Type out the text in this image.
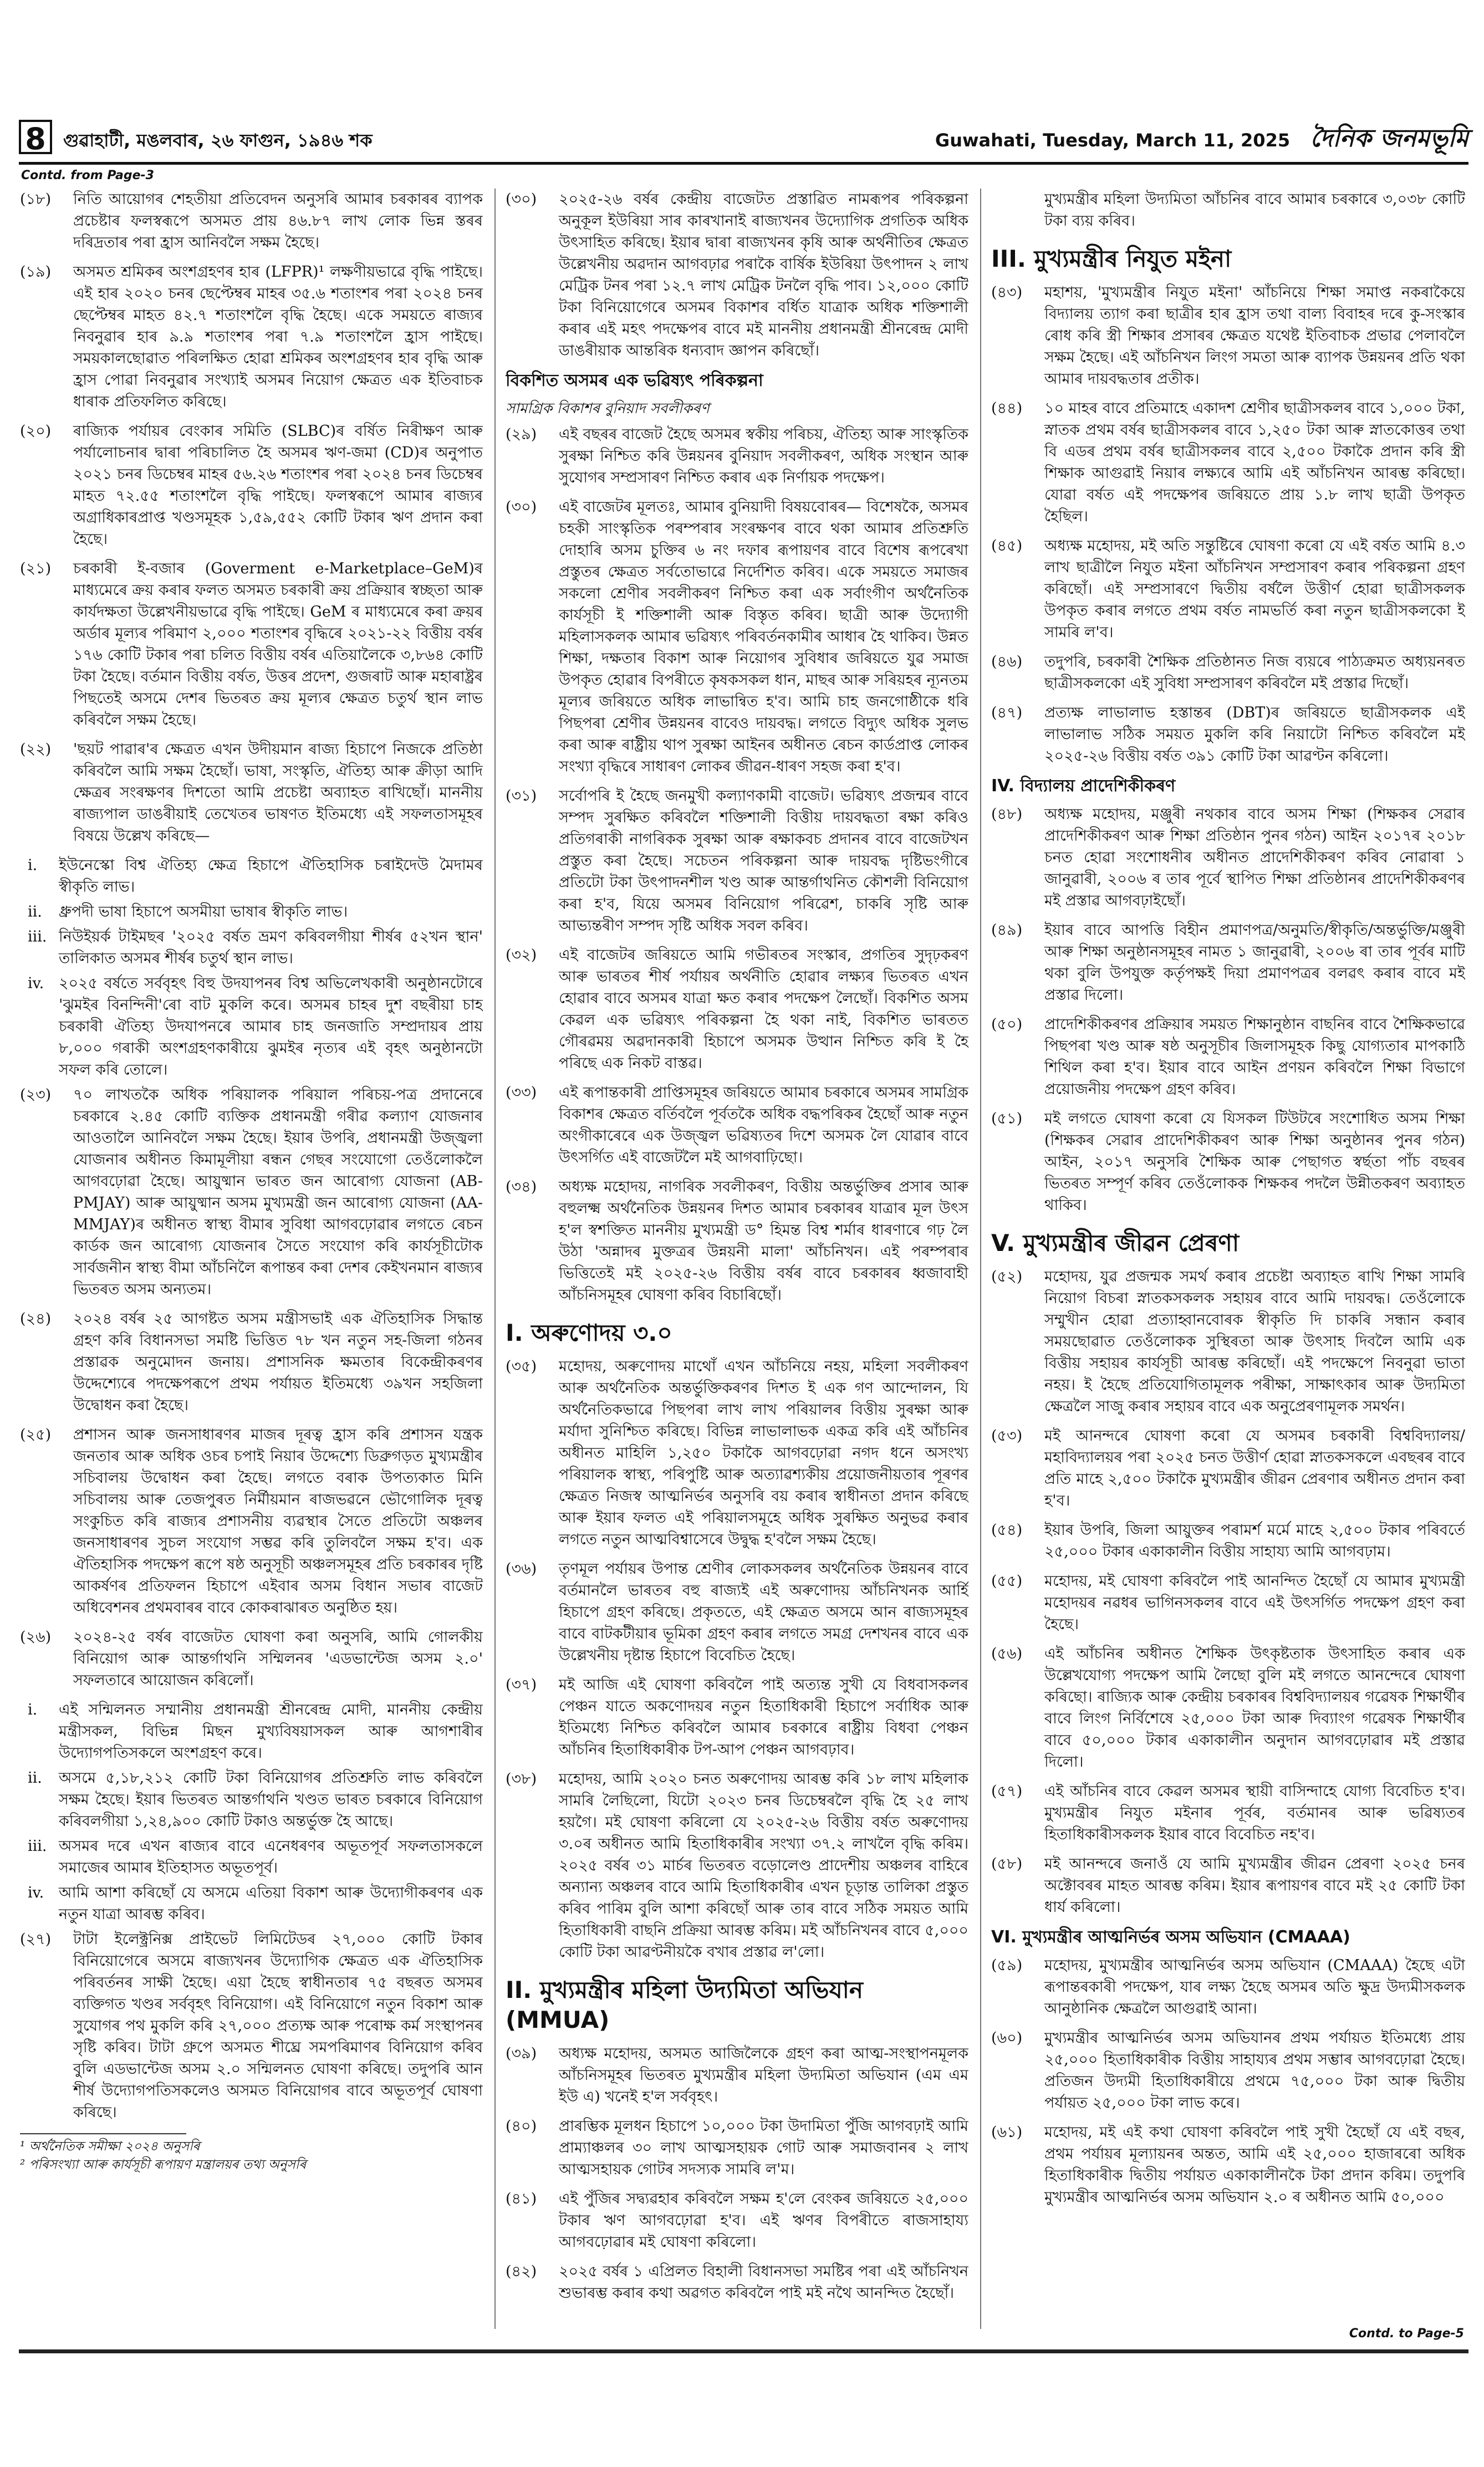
8 গুৱাহাটী, মঙলবাৰ, ২৬ ফাগুন, ১৯৪৬ শক	Guwahati, Tuesday, March 11, 2025 দৈনিক জনমভূমি
Contd. from Page-3
(১৮)	নিতি আয়োগৰ শেহতীয়া প্ৰতিবেদন অনুসৰি আমাৰ চৰকাৰৰ ব্যাপক প্ৰচেষ্টাৰ ফলস্বৰূপে অসমত প্ৰায় ৪৬.৮৭ লাখ লোক ভিন্ন স্তৰৰ দৰিদ্ৰতাৰ পৰা হ্ৰাস আনিবলৈ সক্ষম হৈছে।
(১৯)	অসমত শ্ৰমিকৰ অংশগ্ৰহণৰ হাৰ (LFPR)¹ লক্ষণীয়ভাৱে বৃদ্ধি পাইছে। এই হাৰ ২০২০ চনৰ ছেপ্টেম্বৰ মাহৰ ৩৫.৬ শতাংশৰ পৰা ২০২৪ চনৰ ছেপ্টেম্বৰ মাহত ৪২.৭ শতাংশলৈ বৃদ্ধি হৈছে। একে সময়তে ৰাজ্যৰ নিবনুৱাৰ হাৰ ৯.৯ শতাংশৰ পৰা ৭.৯ শতাংশলৈ হ্ৰাস পাইছে। সময়কালছোৱাত পৰিলক্ষিত হোৱা শ্ৰমিকৰ অংশগ্ৰহণৰ হাৰ বৃদ্ধি আৰু হ্ৰাস পোৱা নিবনুৱাৰ সংখ্যাই অসমৰ নিয়োগ ক্ষেত্ৰত এক ইতিবাচক ধাৰাক প্ৰতিফলিত কৰিছে।
(২০)	ৰাজ্যিক পৰ্যায়ৰ বেংকাৰ সমিতি (SLBC)ৰ বৰ্ষিত নিৰীক্ষণ আৰু পৰ্যালোচনাৰ দ্বাৰা পৰিচালিত হৈ অসমৰ ঋণ-জমা (CD)ৰ অনুপাত ২০২১ চনৰ ডিচেম্বৰ মাহৰ ৫৬.২৬ শতাংশৰ পৰা ২০২৪ চনৰ ডিচেম্বৰ মাহত ৭২.৫৫ শতাংশলৈ বৃদ্ধি পাইছে। ফলস্বৰূপে আমাৰ ৰাজ্যৰ অগ্ৰাধিকাৰপ্ৰাপ্ত খণ্ডসমূহক ১,৫৯,৫৫২ কোটি টকাৰ ঋণ প্ৰদান কৰা হৈছে।
(২১)	চৰকাৰী ই-বজাৰ (Goverment e-Marketplace–GeM)ৰ মাধ্যমেৰে ক্ৰয় কৰাৰ ফলত অসমত চৰকাৰী ক্ৰয় প্ৰক্ৰিয়াৰ স্বচ্ছতা আৰু কাৰ্যদক্ষতা উল্লেখনীয়ভাৱে বৃদ্ধি পাইছে। GeM ৰ মাধ্যমেৰে কৰা ক্ৰয়ৰ অৰ্ডাৰ মূল্যৰ পৰিমাণ ২,০০০ শতাংশৰ বৃদ্ধিৰে ২০২১-২২ বিত্তীয় বৰ্ষৰ ১৭৬ কোটি টকাৰ পৰা চলিত বিত্তীয় বৰ্ষৰ এতিয়ালৈকে ৩,৮৬৪ কোটি টকা হৈছে। বৰ্তমান বিত্তীয় বৰ্ষত, উত্তৰ প্ৰদেশ, গুজৰাট আৰু মহাৰাষ্ট্ৰৰ পিছতেই অসমে দেশৰ ভিতৰত ক্ৰয় মূল্যৰ ক্ষেত্ৰত চতুৰ্থ স্থান লাভ কৰিবলৈ সক্ষম হৈছে।
(২২)	'ছয়ট পাৱাৰ'ৰ ক্ষেত্ৰত এখন উদীয়মান ৰাজ্য হিচাপে নিজকে প্ৰতিষ্ঠা কৰিবলৈ আমি সক্ষম হৈছোঁ। ভাষা, সংস্কৃতি, ঐতিহ্য আৰু ক্ৰীড়া আদি ক্ষেত্ৰৰ সংৰক্ষণৰ দিশতো আমি প্ৰচেষ্টা অব্যাহত ৰাখিছোঁ। মাননীয় ৰাজ্যপাল ডাঙৰীয়াই তেখেতৰ ভাষণত ইতিমধ্যে এই সফলতাসমূহৰ বিষয়ে উল্লেখ কৰিছে—
i.	ইউনেস্কো বিশ্ব ঐতিহ্য ক্ষেত্ৰ হিচাপে ঐতিহাসিক চৰাইদেউ মৈদামৰ স্বীকৃতি লাভ।
ii.	ধ্ৰুপদী ভাষা হিচাপে অসমীয়া ভাষাৰ স্বীকৃতি লাভ।
iii. নিউইয়ৰ্ক টাইমছৰ '২০২৫ বৰ্ষত ভ্ৰমণ কৰিবলগীয়া শীৰ্ষৰ ৫২খন স্থান' তালিকাত অসমৰ শীৰ্ষৰ চতুৰ্থ স্থান লাভ।
iv. ২০২৫ বৰ্ষতে সৰ্ববৃহৎ বিহু উদযাপনৰ বিশ্ব অভিলেখকাৰী অনুষ্ঠানটোৰে 'ঝুমইৰ বিনন্দিনী'ৰো বাট মুকলি কৰে। অসমৰ চাহৰ দুশ বছৰীয়া চাহ চৰকাৰী ঐতিহ্য উদযাপনৰে আমাৰ চাহ জনজাতি সম্প্ৰদায়ৰ প্ৰায় ৮,০০০ গৰাকী অংশগ্ৰহণকাৰীয়ে ঝুমইৰ নৃত্যৰ এই বৃহৎ অনুষ্ঠানটো সফল কৰি তোলে।
(২৩)	৭০ লাখতকৈ অধিক পৰিয়ালক পৰিয়াল পৰিচয়-পত্ৰ প্ৰদানেৰে চৰকাৰে ২.৪৫ কোটি ব্যক্তিক প্ৰধানমন্ত্ৰী গৰীৱ কল্যাণ যোজনাৰ আওতালৈ আনিবলৈ সক্ষম হৈছে। ইয়াৰ উপৰি, প্ৰধানমন্ত্ৰী উজ্জ্বলা যোজনাৰ অধীনত কিমামূলীয়া ৰন্ধন গেছৰ সংযোগো তেওঁলোকলৈ আগবঢ়োৱা হৈছে। আয়ুষ্মান ভাৰত জন আৰোগ্য যোজনা (AB-PMJAY) আৰু আয়ুষ্মান অসম মুখ্যমন্ত্ৰী জন আৰোগ্য যোজনা (AA-MMJAY)ৰ অধীনত স্বাস্থ্য বীমাৰ সুবিধা আগবঢ়োৱাৰ লগতে ৰেচন কাৰ্ডক জন আৰোগ্য যোজনাৰ সৈতে সংযোগ কৰি কাৰ্যসূচীটোক সাৰ্বজনীন স্বাস্থ্য বীমা আঁচনিলৈ ৰূপান্তৰ কৰা দেশৰ কেইখনমান ৰাজ্যৰ ভিতৰত অসম অন্যতম।
(২৪)	২০২৪ বৰ্ষৰ ২৫ আগষ্টত অসম মন্ত্ৰীসভাই এক ঐতিহাসিক সিদ্ধান্ত গ্ৰহণ কৰি বিধানসভা সমষ্টি ভিত্তিত ৭৮ খন নতুন সহ-জিলা গঠনৰ প্ৰস্তাৱক অনুমোদন জনায়। প্ৰশাসনিক ক্ষমতাৰ বিকেন্দ্ৰীকৰণৰ উদ্দেশ্যেৰে পদক্ষেপৰূপে প্ৰথম পৰ্যায়ত ইতিমধ্যে ৩৯খন সহজিলা উদ্বোধন কৰা হৈছে।
(২৫)	প্ৰশাসন আৰু জনসাধাৰণৰ মাজৰ দূৰত্ব হ্ৰাস কৰি প্ৰশাসন যন্ত্ৰক জনতাৰ আৰু অধিক ওচৰ চপাই নিয়াৰ উদ্দেশ্যে ডিব্ৰুগড়ত মুখ্যমন্ত্ৰীৰ সচিবালয় উদ্বোধন কৰা হৈছে। লগতে বৰাক উপত্যকাত মিনি সচিবালয় আৰু তেজপুৰত নিৰ্মীয়মান ৰাজভৱনে ভৌগোলিক দূৰত্ব সংকুচিত কৰি ৰাজ্যৰ প্ৰশাসনীয় ব্যৱস্থাৰ সৈতে প্ৰতিটো অঞ্চলৰ জনসাধাৰণৰ সুচল সংযোগ সম্ভৱ কৰি তুলিবলৈ সক্ষম হ'ব। এক ঐতিহাসিক পদক্ষেপ ৰূপে ষষ্ঠ অনুসূচী অঞ্চলসমূহৰ প্ৰতি চৰকাৰৰ দৃষ্টি আকৰ্ষণৰ প্ৰতিফলন হিচাপে এইবাৰ অসম বিধান সভাৰ বাজেট অধিবেশনৰ প্ৰথমবাৰৰ বাবে কোকৰাঝাৰত অনুষ্ঠিত হয়।
(২৬)	২০২৪-২৫ বৰ্ষৰ বাজেটত ঘোষণা কৰা অনুসৰি, আমি গোলকীয় বিনিয়োগ আৰু আন্তৰ্গাথনি সম্মিলনৰ 'এডভান্টেজ অসম ২.০' সফলতাৰে আয়োজন কৰিলোঁ।
i.	এই সন্মিলনত সম্মানীয় প্ৰধানমন্ত্ৰী শ্ৰীনৰেন্দ্ৰ মোদী, মাননীয় কেন্দ্ৰীয় মন্ত্ৰীসকল, বিভিন্ন মিছন মুখ্যবিষয়াসকল আৰু আগশাৰীৰ উদ্যোগপতিসকলে অংশগ্ৰহণ কৰে।
ii.	অসমে ৫,১৮,২১২ কোটি টকা বিনিয়োগৰ প্ৰতিশ্ৰুতি লাভ কৰিবলৈ সক্ষম হৈছে। ইয়াৰ ভিতৰত আন্তৰ্গাথনি খণ্ডত ভাৰত চৰকাৰে বিনিয়োগ কৰিবলগীয়া ১,২৪,৯০০ কোটি টকাও অন্তৰ্ভুক্ত হৈ আছে।
iii. অসমৰ দৰে এখন ৰাজ্যৰ বাবে এনেধৰণৰ অভূতপূৰ্ব সফলতাসকলে সমাজেৰ আমাৰ ইতিহাসত অভূতপূৰ্ব।
iv. আমি আশা কৰিছোঁ যে অসমে এতিয়া বিকাশ আৰু উদ্যোগীকৰণৰ এক নতুন যাত্ৰা আৰম্ভ কৰিব।
(২৭)	টাটা ইলেক্ট্ৰনিক্স প্ৰাইভেট লিমিটেডৰ ২৭,০০০ কোটি টকাৰ বিনিয়োগেৰে অসমে ৰাজ্যখনৰ উদ্যোগিক ক্ষেত্ৰত এক ঐতিহাসিক পৰিবৰ্তনৰ সাক্ষী হৈছে। এয়া হৈছে স্বাধীনতাৰ ৭৫ বছৰত অসমৰ ব্যক্তিগত খণ্ডৰ সৰ্ববৃহৎ বিনিয়োগ। এই বিনিয়োগে নতুন বিকাশ আৰু সুযোগৰ পথ মুকলি কৰি ২৭,০০০ প্ৰত্যক্ষ আৰু পৰোক্ষ কৰ্ম সংস্থাপনৰ সৃষ্টি কৰিব। টাটা গ্ৰুপে অসমত শীঘ্ৰে সমপৰিমাণৰ বিনিয়োগ কৰিব বুলি এডভান্টেজ অসম ২.০ সন্মিলনত ঘোষণা কৰিছে। তদুপৰি আন শীৰ্ষ উদ্যোগপতিসকলেও অসমত বিনিয়োগৰ বাবে অভূতপূৰ্ব ঘোষণা কৰিছে।
¹ অৰ্থনৈতিক সমীক্ষা ২০২৪ অনুসৰি
² পৰিসংখ্যা আৰু কাৰ্যসূচী ৰূপায়ণ মন্ত্ৰালয়ৰ তথ্য অনুসৰি
(৩০)	২০২৫-২৬ বৰ্ষৰ কেন্দ্ৰীয় বাজেটত প্ৰস্তাৱিত নামৰূপৰ পৰিকল্পনা অনুকূল ইউৰিয়া সাৰ কাৰখানাই ৰাজ্যখনৰ উদ্যোগিক প্ৰগতিক অধিক উৎসাহিত কৰিছে। ইয়াৰ দ্বাৰা ৰাজ্যখনৰ কৃষি আৰু অৰ্থনীতিৰ ক্ষেত্ৰত উল্লেখনীয় অৱদান আগবঢ়াৱ পৰাকৈ বাৰ্ষিক ইউৰিয়া উৎপাদন ২ লাখ মেট্ৰিক টনৰ পৰা ১২.৭ লাখ মেট্ৰিক টনলৈ বৃদ্ধি পাব। ১২,০০০ কোটি টকা বিনিয়োগেৰে অসমৰ বিকাশৰ বৰ্ধিত যাত্ৰাক অধিক শক্তিশালী কৰাৰ এই মহৎ পদক্ষেপৰ বাবে মই মাননীয় প্ৰধানমন্ত্ৰী শ্ৰীনৰেন্দ্ৰ মোদী ডাঙৰীয়াক আন্তৰিক ধন্যবাদ জ্ঞাপন কৰিছোঁ।
বিকশিত অসমৰ এক ভৱিষ্যৎ পৰিকল্পনা
সামগ্ৰিক বিকাশৰ বুনিয়াদ সবলীকৰণ
(২৯)	এই বছৰৰ বাজেট হৈছে অসমৰ স্বকীয় পৰিচয়, ঐতিহ্য আৰু সাংস্কৃতিক সুৰক্ষা নিশ্চিত কৰি উন্নয়নৰ বুনিয়াদ সবলীকৰণ, অধিক সংস্থান আৰু সুযোগৰ সম্প্ৰসাৰণ নিশ্চিত কৰাৰ এক নিৰ্ণায়ক পদক্ষেপ।
(৩০)	এই বাজেটৰ মূলতঃ, আমাৰ বুনিয়াদী বিষয়বোৰৰ— বিশেষকৈ, অসমৰ চহকী সাংস্কৃতিক পৰম্পৰাৰ সংৰক্ষণৰ বাবে থকা আমাৰ প্ৰতিশ্ৰুতি দোহাৰি অসম চুক্তিৰ ৬ নং দফাৰ ৰূপায়ণৰ বাবে বিশেষ ৰূপৰেখা প্ৰস্তুতৰ ক্ষেত্ৰত সৰ্বতোভাৱে নিৰ্দেশিত কৰিব। একে সময়তে সমাজৰ সকলো শ্ৰেণীৰ সবলীকৰণ নিশ্চিত কৰা এক সৰ্বাংগীণ অৰ্থনৈতিক কাৰ্যসূচী ই শক্তিশালী আৰু বিস্তৃত কৰিব। ছাত্ৰী আৰু উদ্যোগী মহিলাসকলক আমাৰ ভৱিষ্যৎ পৰিবৰ্তনকামীৰ আধাৰ হৈ থাকিব। উন্নত শিক্ষা, দক্ষতাৰ বিকাশ আৰু নিয়োগৰ সুবিধাৰ জৰিয়তে যুৱ সমাজ উপকৃত হোৱাৰ বিপৰীতে কৃষকসকল ধান, মাছৰ আৰু সৰিয়হৰ ন্যূনতম মূল্যৰ জৰিয়তে অধিক লাভান্বিত হ'ব। আমি চাহ জনগোষ্ঠীকে ধৰি পিছপৰা শ্ৰেণীৰ উন্নয়নৰ বাবেও দায়বদ্ধ। লগতে বিদ্যুৎ অধিক সুলভ কৰা আৰু ৰাষ্ট্ৰীয় থাপ সুৰক্ষা আইনৰ অধীনত ৰেচন কাৰ্ডপ্ৰাপ্ত লোকৰ সংখ্যা বৃদ্ধিৰে সাধাৰণ লোকৰ জীৱন-ধাৰণ সহজ কৰা হ'ব।
(৩১)	সৰ্বোপৰি ই হৈছে জনমুখী কল্যাণকামী বাজেট। ভৱিষ্যৎ প্ৰজন্মৰ বাবে সম্পদ সুৰক্ষিত কৰিবলৈ শক্তিশালী বিত্তীয় দায়বদ্ধতা ৰক্ষা কৰিও প্ৰতিগৰাকী নাগৰিকক সুৰক্ষা আৰু ৰক্ষাকবচ প্ৰদানৰ বাবে বাজেটখন প্ৰস্তুত কৰা হৈছে। সচেতন পৰিকল্পনা আৰু দায়বদ্ধ দৃষ্টিভংগীৰে প্ৰতিটো টকা উৎপাদনশীল খণ্ড আৰু আন্তৰ্গাথনিত কৌশলী বিনিয়োগ কৰা হ'ব, যিয়ে অসমৰ বিনিয়োগ পৰিৱেশ, চাকৰি সৃষ্টি আৰু আভ্যন্তৰীণ সম্পদ সৃষ্টি অধিক সবল কৰিব।
(৩২)	এই বাজেটৰ জৰিয়তে আমি গভীৰতৰ সংস্কাৰ, প্ৰগতিৰ সুদৃঢ়কৰণ আৰু ভাৰতৰ শীৰ্ষ পৰ্যায়ৰ অৰ্থনীতি হোৱাৰ লক্ষ্যৰ ভিতৰত এখন হোৱাৰ বাবে অসমৰ যাত্ৰা ক্ষত কৰাৰ পদক্ষেপ লৈছোঁ। বিকশিত অসম কেৱল এক ভৱিষ্যৎ পৰিকল্পনা হৈ থকা নাই, বিকশিত ভাৰতত গৌৰৱময় অৱদানকাৰী হিচাপে অসমক উত্থান নিশ্চিত কৰি ই হৈ পৰিছে এক নিকট বাস্তৱ।
(৩৩)	এই ৰূপান্তকাৰী প্ৰাপ্তিসমূহৰ জৰিয়তে আমাৰ চৰকাৰে অসমৰ সামগ্ৰিক বিকাশৰ ক্ষেত্ৰত বৰ্তিবলৈ পূৰ্বতকৈ অধিক বদ্ধপৰিকৰ হৈছোঁ আৰু নতুন অংগীকাৰেৰে এক উজ্জ্বল ভৱিষ্যতৰ দিশে অসমক লৈ যোৱাৰ বাবে উৎসৰ্গিত এই বাজেটলৈ মই আগবাঢ়িছো।
(৩৪)	অধ্যক্ষ মহোদয়, নাগৰিক সবলীকৰণ, বিত্তীয় অন্তৰ্ভুক্তিৰ প্ৰসাৰ আৰু বহুলক্ষ্ম অৰ্থনৈতিক উন্নয়নৰ দিশত আমাৰ চৰকাৰৰ যাত্ৰাৰ মূল উৎস হ'ল স্বশক্তিত মাননীয় মুখ্যমন্ত্ৰী ড° হিমন্ত বিশ্ব শৰ্মাৰ ধাৰণাৰে গঢ় লৈ উঠা 'অন্নাদৰ মুক্তত্ৰৰ উন্নয়নী মালা' আঁচনিখন। এই পৰম্পৰাৰ ভিত্তিতেই মই ২০২৫-২৬ বিত্তীয় বৰ্ষৰ বাবে চৰকাৰৰ ধ্বজাবাহী আঁচনিসমূহৰ ঘোষণা কৰিব বিচাৰিছোঁ।
I. অৰুণোদয় ৩.০
(৩৫)	মহোদয়, অৰুণোদয় মাথোঁ এখন আঁচনিয়ে নহয়, মহিলা সবলীকৰণ আৰু অৰ্থনৈতিক অন্তৰ্ভুক্তিকৰণৰ দিশত ই এক গণ আন্দোলন, যি অৰ্থনৈতিকভাৱে পিছপৰা লাখ লাখ পৰিয়ালৰ বিত্তীয় সুৰক্ষা আৰু মৰ্যাদা সুনিশ্চিত কৰিছে। বিভিন্ন লাভালাভক একত্ৰ কৰি এই আঁচনিৰ অধীনত মাহিলি ১,২৫০ টকাকৈ আগবঢ়োৱা নগদ ধনে অসংখ্য পৰিয়ালক স্বাস্থ্য, পৰিপুষ্টি আৰু অত্যাৱশ্যকীয় প্ৰয়োজনীয়তাৰ পূৰণৰ ক্ষেত্ৰত নিজস্ব আত্মনিৰ্ভৰ অনুসৰি বয় কৰাৰ স্বাধীনতা প্ৰদান কৰিছে আৰু ইয়াৰ ফলত এই পৰিয়ালসমূহে অধিক সুৰক্ষিত অনুভৱ কৰাৰ লগতে নতুন আত্মবিশ্বাসেৰে উদ্বুদ্ধ হ'বলৈ সক্ষম হৈছে।
(৩৬)	তৃণমূল পৰ্যায়ৰ উপান্ত শ্ৰেণীৰ লোকসকলৰ অৰ্থনৈতিক উন্নয়নৰ বাবে বৰ্তমানলৈ ভাৰতৰ বহু ৰাজ্যই এই অৰুণোদয় আঁচনিখনক আৰ্হি হিচাপে গ্ৰহণ কৰিছে। প্ৰকৃততে, এই ক্ষেত্ৰত অসমে আন ৰাজ্যসমূহৰ বাবে বাটকটীয়াৰ ভূমিকা গ্ৰহণ কৰাৰ লগতে সমগ্ৰ দেশখনৰ বাবে এক উল্লেখনীয় দৃষ্টান্ত হিচাপে বিবেচিত হৈছে।
(৩৭)	মই আজি এই ঘোষণা কৰিবলৈ পাই অত্যন্ত সুখী যে বিধবাসকলৰ পেঞ্চন যাতে অকণোদয়ৰ নতুন হিতাধিকাৰী হিচাপে সৰ্বাধিক আৰু ইতিমধ্যে নিশ্চিত কৰিবলৈ আমাৰ চৰকাৰে ৰাষ্ট্ৰীয় বিধবা পেঞ্চন আঁচনিৰ হিতাধিকাৰীক টপ-আপ পেঞ্চন আগবঢ়াব।
(৩৮)	মহোদয়, আমি ২০২০ চনত অৰুণোদয় আৰম্ভ কৰি ১৮ লাখ মহিলাক সামৰি লৈছিলো, যিটো ২০২৩ চনৰ ডিচেম্বৰলৈ বৃদ্ধি হৈ ২৫ লাখ হয়গৈ। মই ঘোষণা কৰিলো যে ২০২৫-২৬ বিত্তীয় বৰ্ষত অৰুণোদয় ৩.০ৰ অধীনত আমি হিতাধিকাৰীৰ সংখ্যা ৩৭.২ লাখলৈ বৃদ্ধি কৰিম। ২০২৫ বৰ্ষৰ ৩১ মাৰ্চৰ ভিতৰত বড়োলেণ্ড প্ৰাদেশীয় অঞ্চলৰ বাহিৰে অন্যান্য অঞ্চলৰ বাবে আমি হিতাধিকাৰীৰ এখন চূড়ান্ত তালিকা প্ৰস্তুত কৰিব পাৰিম বুলি আশা কৰিছোঁ আৰু তাৰ বাবে সঠিক সময়ত আমি হিতাধিকাৰী বাছনি প্ৰক্ৰিয়া আৰম্ভ কৰিম। মই আঁচনিখনৰ বাবে ৫,০০০ কোটি টকা আৱণ্টনীয়কৈ বখাৰ প্ৰস্তাৱ ল'লো।
II. মুখ্যমন্ত্ৰীৰ মহিলা উদ্যমিতা অভিযান (MMUA)
(৩৯)	অধ্যক্ষ মহোদয়, অসমত আজিলৈকে গ্ৰহণ কৰা আত্ম-সংস্থাপনমূলক আঁচনিসমূহৰ ভিতৰত মুখ্যমন্ত্ৰীৰ মহিলা উদ্যমিতা অভিযান (এম এম ইউ এ) খনেই হ'ল সৰ্ববৃহৎ।
(৪০)	প্ৰাৰম্ভিক মূলধন হিচাপে ১০,০০০ টকা উদামিতা পুঁজি আগবঢ়াই আমি প্ৰাম্যাঞ্চলৰ ৩০ লাখ আত্মসহায়ক গোট আৰু সমাজবানৰ ২ লাখ আত্মসহায়ক গোটৰ সদস্যক সামৰি ল'ম।
(৪১)	এই পুঁজিৰ সদ্ব্যৱহাৰ কৰিবলৈ সক্ষম হ'লে বেংকৰ জৰিয়তে ২৫,০০০ টকাৰ ঋণ আগবঢ়োৱা হ'ব। এই ঋণৰ বিপৰীতে ৰাজসাহায্য আগবঢ়োৱাৰ মই ঘোষণা কৰিলো।
(৪২)	২০২৫ বৰ্ষৰ ১ এপ্ৰিলত বিহালী বিধানসভা সমষ্টিৰ পৰা এই আঁচনিখন শুভাৰম্ভ কৰাৰ কথা অৱগত কৰিবলৈ পাই মই নথৈ আনন্দিত হৈছোঁ।
মুখ্যমন্ত্ৰীৰ মহিলা উদ্যমিতা আঁচনিৰ বাবে আমাৰ চৰকাৰে ৩,০৩৮ কোটি টকা ব্যয় কৰিব।
III. মুখ্যমন্ত্ৰীৰ নিযুত মইনা
(৪৩)	মহাশয়, 'মুখ্যমন্ত্ৰীৰ নিযুত মইনা' আঁচনিয়ে শিক্ষা সমাপ্ত নকৰাকৈয়ে বিদ্যালয় ত্যাগ কৰা ছাত্ৰীৰ হাৰ হ্ৰাস তথা বাল্য বিবাহৰ দৰে কু-সংস্কাৰ ৰোধ কৰি স্ত্ৰী শিক্ষাৰ প্ৰসাৰৰ ক্ষেত্ৰত যথেষ্ট ইতিবাচক প্ৰভাৱ পেলাবলৈ সক্ষম হৈছে। এই আঁচনিখন লিংগ সমতা আৰু ব্যাপক উন্নয়নৰ প্ৰতি থকা আমাৰ দায়বদ্ধতাৰ প্ৰতীক।
(৪৪)	১০ মাহৰ বাবে প্ৰতিমাহে একাদশ শ্ৰেণীৰ ছাত্ৰীসকলৰ বাবে ১,০০০ টকা, স্নাতক প্ৰথম বৰ্ষৰ ছাত্ৰীসকলৰ বাবে ১,২৫০ টকা আৰু স্নাতকোত্তৰ তথা বি এডৰ প্ৰথম বৰ্ষৰ ছাত্ৰীসকলৰ বাবে ২,৫০০ টকাকৈ প্ৰদান কৰি স্ত্ৰী শিক্ষাক আগুৱাই নিয়াৰ লক্ষ্যৰে আমি এই আঁচনিখন আৰম্ভ কৰিছো। যোৱা বৰ্ষত এই পদক্ষেপৰ জৰিয়তে প্ৰায় ১.৮ লাখ ছাত্ৰী উপকৃত হৈছিল।
(৪৫)	অধ্যক্ষ মহোদয়, মই অতি সন্তুষ্টিৰে ঘোষণা কৰো যে এই বৰ্ষত আমি ৪.৩ লাখ ছাত্ৰীলৈ নিযুত মইনা আঁচনিখন সম্প্ৰসাৰণ কৰাৰ পৰিকল্পনা গ্ৰহণ কৰিছোঁ। এই সম্প্ৰসাৰণে দ্বিতীয় বৰ্ষলৈ উত্তীৰ্ণ হোৱা ছাত্ৰীসকলক উপকৃত কৰাৰ লগতে প্ৰথম বৰ্ষত নামভৰ্তি কৰা নতুন ছাত্ৰীসকলকো ই সামৰি ল'ব।
(৪৬)	তদুপৰি, চৰকাৰী শৈক্ষিক প্ৰতিষ্ঠানত নিজ ব্যয়ৰে পাঠ্যক্ৰমত অধ্যয়নৰত ছাত্ৰীসকলকো এই সুবিধা সম্প্ৰসাৰণ কৰিবলৈ মই প্ৰস্তাৱ দিছোঁ।
(৪৭)	প্ৰত্যক্ষ লাভালাভ হস্তান্তৰ (DBT)ৰ জৰিয়তে ছাত্ৰীসকলক এই লাভালাভ সঠিক সময়ত মুকলি কৰি নিয়াটো নিশ্চিত কৰিবলৈ মই ২০২৫-২৬ বিত্তীয় বৰ্ষত ৩৯১ কোটি টকা আৱণ্টন কৰিলো।
IV. বিদ্যালয় প্ৰাদেশিকীকৰণ
(৪৮)	অধ্যক্ষ মহোদয়, মঞ্জুৰী নথকাৰ বাবে অসম শিক্ষা (শিক্ষকৰ সেৱাৰ প্ৰাদেশিকীকৰণ আৰু শিক্ষা প্ৰতিষ্ঠান পুনৰ গঠন) আইন ২০১৭ৰ ২০১৮ চনত হোৱা সংশোধনীৰ অধীনত প্ৰাদেশিকীকৰণ কৰিব নোৱাৰা ১ জানুৱাৰী, ২০০৬ ৰ তাৰ পূৰ্বে স্থাপিত শিক্ষা প্ৰতিষ্ঠানৰ প্ৰাদেশিকীকৰণৰ মই প্ৰস্তাৱ আগবঢ়াইছোঁ।
(৪৯)	ইয়াৰ বাবে আপত্তি বিহীন প্ৰমাণপত্ৰ/অনুমতি/স্বীকৃতি/অন্তৰ্ভুক্তি/মঞ্জুৰী আৰু শিক্ষা অনুষ্ঠানসমূহৰ নামত ১ জানুৱাৰী, ২০০৬ ৰা তাৰ পূৰ্বৰ মাটি থকা বুলি উপযুক্ত কৰ্তৃপক্ষই দিয়া প্ৰমাণপত্ৰৰ বলৱৎ কৰাৰ বাবে মই প্ৰস্তাৱ দিলো।
(৫০)	প্ৰাদেশিকীকৰণৰ প্ৰক্ৰিয়াৰ সময়ত শিক্ষানুষ্ঠান বাছনিৰ বাবে শৈক্ষিকভাৱে পিছপৰা খণ্ড আৰু ষষ্ঠ অনুসূচীৰ জিলাসমূহক কিছু যোগ্যতাৰ মাপকাঠি শিথিল কৰা হ'ব। ইয়াৰ বাবে আইন প্ৰণয়ন কৰিবলৈ শিক্ষা বিভাগে প্ৰয়োজনীয় পদক্ষেপ গ্ৰহণ কৰিব।
(৫১)	মই লগতে ঘোষণা কৰো যে যিসকল টিউটৰে সংশোধিত অসম শিক্ষা (শিক্ষকৰ সেৱাৰ প্ৰাদেশিকীকৰণ আৰু শিক্ষা অনুষ্ঠানৰ পুনৰ গঠন) আইন, ২০১৭ অনুসৰি শৈক্ষিক আৰু পেছাগত স্বৰ্ছতা পাঁচ বছৰৰ ভিতৰত সম্পূৰ্ণ কৰিব তেওঁলোকক শিক্ষকৰ পদলৈ উন্নীতকৰণ অব্যাহত থাকিব।
V. মুখ্যমন্ত্ৰীৰ জীৱন প্ৰেৰণা
(৫২)	মহোদয়, যুৱ প্ৰজন্মক সমৰ্থ কৰাৰ প্ৰচেষ্টা অব্যাহত ৰাখি শিক্ষা সামৰি নিয়োগ বিচৰা স্নাতকসকলক সহায়ৰ বাবে আমি দায়বদ্ধ। তেওঁলোকে সম্মুখীন হোৱা প্ৰত্যাহ্বানবোৰক স্বীকৃতি দি চাকৰি সন্ধান কৰাৰ সময়ছোৱাত তেওঁলোকক সুস্থিৰতা আৰু উৎসাহ দিবলৈ আমি এক বিত্তীয় সহায়ৰ কাৰ্যসূচী আৰম্ভ কৰিছোঁ। এই পদক্ষেপে নিবনুৱা ভাতা নহয়। ই হৈছে প্ৰতিযোগিতামূলক পৰীক্ষা, সাক্ষাৎকাৰ আৰু উদ্যমিতা ক্ষেত্ৰলৈ সাজু কৰাৰ সহায়ৰ বাবে এক অনুপ্ৰেৰণামূলক সমৰ্থন।
(৫৩)	মই আনন্দৰে ঘোষণা কৰো যে অসমৰ চৰকাৰী বিশ্ববিদ্যালয়/মহাবিদ্যালয়ৰ পৰা ২০২৫ চনত উত্তীৰ্ণ হোৱা স্নাতকসকলে এবছৰৰ বাবে প্ৰতি মাহে ২,৫০০ টকাকৈ মুখ্যমন্ত্ৰীৰ জীৱন প্ৰেৰণাৰ অধীনত প্ৰদান কৰা হ'ব।
(৫৪)	ইয়াৰ উপৰি, জিলা আয়ুক্তৰ পৰামৰ্শ মৰ্মে মাহে ২,৫০০ টকাৰ পৰিবৰ্তে ২৫,০০০ টকাৰ একাকালীন বিত্তীয় সাহায্য আমি আগবঢ়াম।
(৫৫)	মহোদয়, মই ঘোষণা কৰিবলৈ পাই আনন্দিত হৈছোঁ যে আমাৰ মুখ্যমন্ত্ৰী মহোদয়ৰ নৱধৰ ভাগিনসকলৰ বাবে এই উৎসৰ্গিত পদক্ষেপ গ্ৰহণ কৰা হৈছে।
(৫৬)	এই আঁচনিৰ অধীনত শৈক্ষিক উৎকৃষ্টতাক উৎসাহিত কৰাৰ এক উল্লেখযোগ্য পদক্ষেপ আমি লৈছো বুলি মই লগতে আনন্দেৰে ঘোষণা কৰিছো। ৰাজ্যিক আৰু কেন্দ্ৰীয় চৰকাৰৰ বিশ্ববিদ্যালয়ৰ গৱেষক শিক্ষাৰ্থীৰ বাবে লিংগ নিৰ্বিশেষে ২৫,০০০ টকা আৰু দিব্যাংগ গৱেষক শিক্ষাৰ্থীৰ বাবে ৫০,০০০ টকাৰ একাকালীন অনুদান আগবঢ়োৱাৰ মই প্ৰস্তাৱ দিলো।
(৫৭)	এই আঁচনিৰ বাবে কেৱল অসমৰ স্থায়ী বাসিন্দাহে যোগ্য বিবেচিত হ'ব। মুখ্যমন্ত্ৰীৰ নিযুত মইনাৰ পূৰ্বৰ, বৰ্তমানৰ আৰু ভৱিষ্যতৰ হিতাধিকাৰীসকলক ইয়াৰ বাবে বিবেচিত নহ'ব।
(৫৮)	মই আনন্দৰে জনাওঁ যে আমি মুখ্যমন্ত্ৰীৰ জীৱন প্ৰেৰণা ২০২৫ চনৰ অক্টোবৰৰ মাহত আৰম্ভ কৰিম। ইয়াৰ ৰূপায়ণৰ বাবে মই ২৫ কোটি টকা ধাৰ্য কৰিলো।
VI. মুখ্যমন্ত্ৰীৰ আত্মনিৰ্ভৰ অসম অভিযান (CMAAA)
(৫৯)	মহোদয়, মুখ্যমন্ত্ৰীৰ আত্মনিৰ্ভৰ অসম অভিযান (CMAAA) হৈছে এটা ৰূপান্তৰকাৰী পদক্ষেপ, যাৰ লক্ষ্য হৈছে অসমৰ অতি ক্ষুদ্ৰ উদ্যমীসকলক আনুষ্ঠানিক ক্ষেত্ৰলৈ আগুৱাই আনা।
(৬০)	মুখ্যমন্ত্ৰীৰ আত্মনিৰ্ভৰ অসম অভিযানৰ প্ৰথম পৰ্যায়ত ইতিমধ্যে প্ৰায় ২৫,০০০ হিতাধিকাৰীক বিত্তীয় সাহায্যৰ প্ৰথম সম্ভাৰ আগবঢ়োৱা হৈছে। প্ৰতিজন উদ্যমী হিতাধিকাৰীয়ে প্ৰথমে ৭৫,০০০ টকা আৰু দ্বিতীয় পৰ্যায়ত ২৫,০০০ টকা লাভ কৰে।
(৬১)	মহোদয়, মই এই কথা ঘোষণা কৰিবলৈ পাই সুখী হৈছোঁ যে এই বছৰ, প্ৰথম পৰ্যায়ৰ মূল্যায়নৰ অন্তত, আমি এই ২৫,০০০ হাজাৰৰো অধিক হিতাধিকাৰীক দ্বিতীয় পৰ্যায়ত একাকালীনকৈ টকা প্ৰদান কৰিম। তদুপৰি মুখ্যমন্ত্ৰীৰ আত্মনিৰ্ভৰ অসম অভিযান ২.০ ৰ অধীনত আমি ৫০,০০০
Contd. to Page-5
